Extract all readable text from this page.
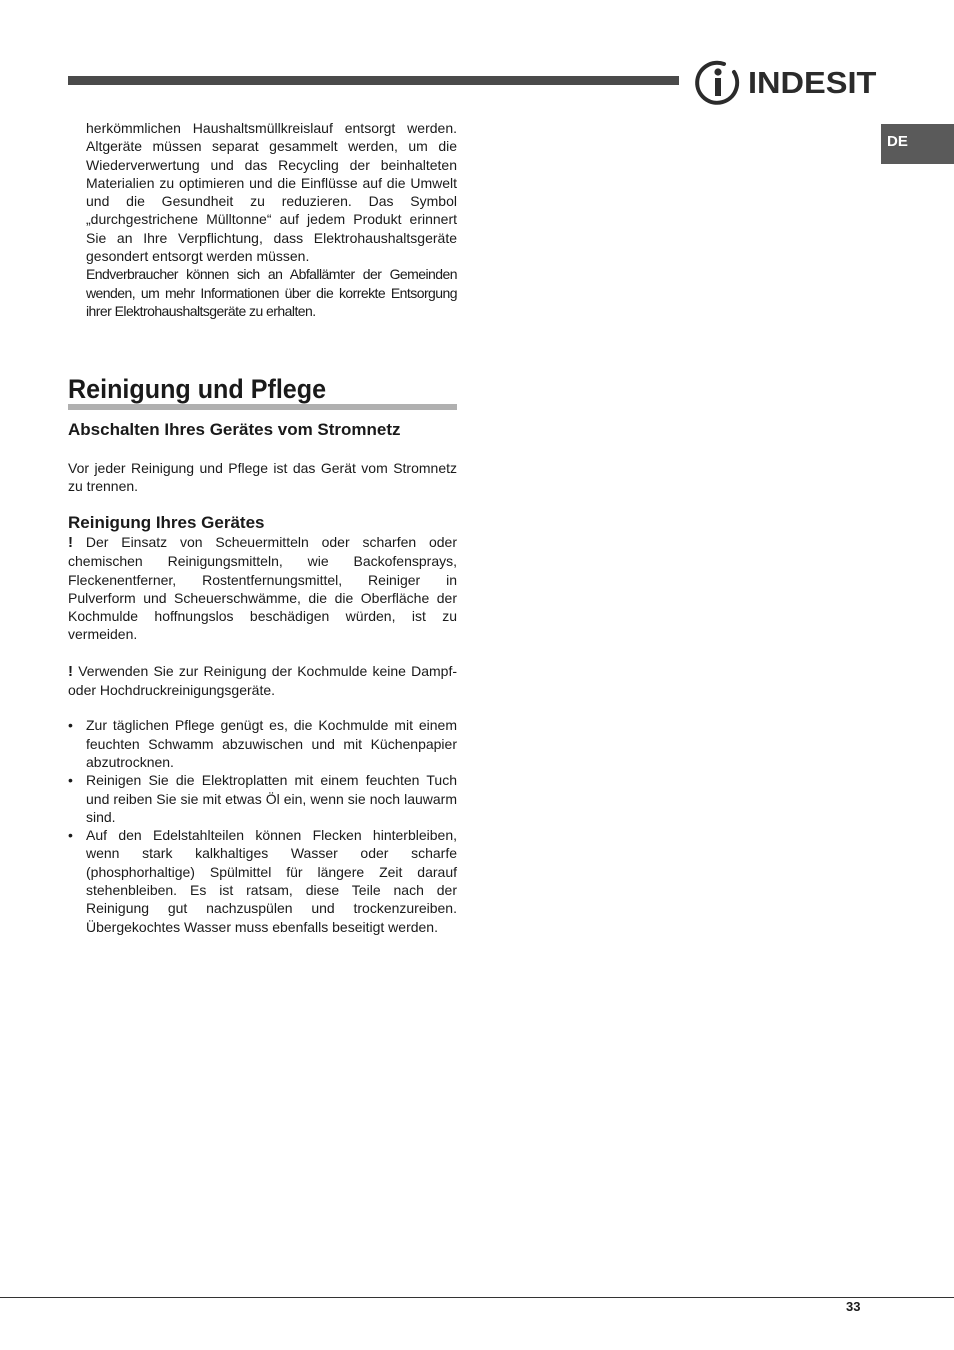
INDESIT
DE

herkömmlichen Haushaltsmüllkreislauf entsorgt werden. Altgeräte müssen separat gesammelt werden, um die Wiederverwertung und das Recycling der beinhalteten Materialien zu optimieren und die Einflüsse auf die Umwelt und die Gesundheit zu reduzieren. Das Symbol „durchgestrichene Mülltonne“ auf jedem Produkt erinnert Sie an Ihre Verpflichtung, dass Elektrohaushaltsgeräte gesondert entsorgt werden müssen.

Endverbraucher können sich an Abfallämter der Gemeinden wenden, um mehr Informationen über die korrekte Entsorgung ihrer Elektrohaushaltsgeräte zu erhalten.

Reinigung und Pflege
Abschalten Ihres Gerätes vom Stromnetz

Vor jeder Reinigung und Pflege ist das Gerät vom Stromnetz zu trennen.

Reinigung Ihres Gerätes

! Der Einsatz von Scheuermitteln oder scharfen oder chemischen Reinigungsmitteln, wie Backofensprays, Fleckenentferner, Rostentfernungsmittel, Reiniger in Pulverform und Scheuerschwämme, die die Oberfläche der Kochmulde hoffnungslos beschädigen würden, ist zu vermeiden.

! Verwenden Sie zur Reinigung der Kochmulde keine Dampf- oder Hochdruckreinigungsgeräte.

• Zur täglichen Pflege genügt es, die Kochmulde mit einem feuchten Schwamm abzuwischen und mit Küchenpapier abzutrocknen.
• Reinigen Sie die Elektroplatten mit einem feuchten Tuch und reiben Sie sie mit etwas Öl ein, wenn sie noch lauwarm sind.
• Auf den Edelstahlteilen können Flecken hinterbleiben, wenn stark kalkhaltiges Wasser oder scharfe (phosphorhaltige) Spülmittel für längere Zeit darauf stehenbleiben. Es ist ratsam, diese Teile nach der Reinigung gut nachzuspülen und trockenzureiben. Übergekochtes Wasser muss ebenfalls beseitigt werden.
33
